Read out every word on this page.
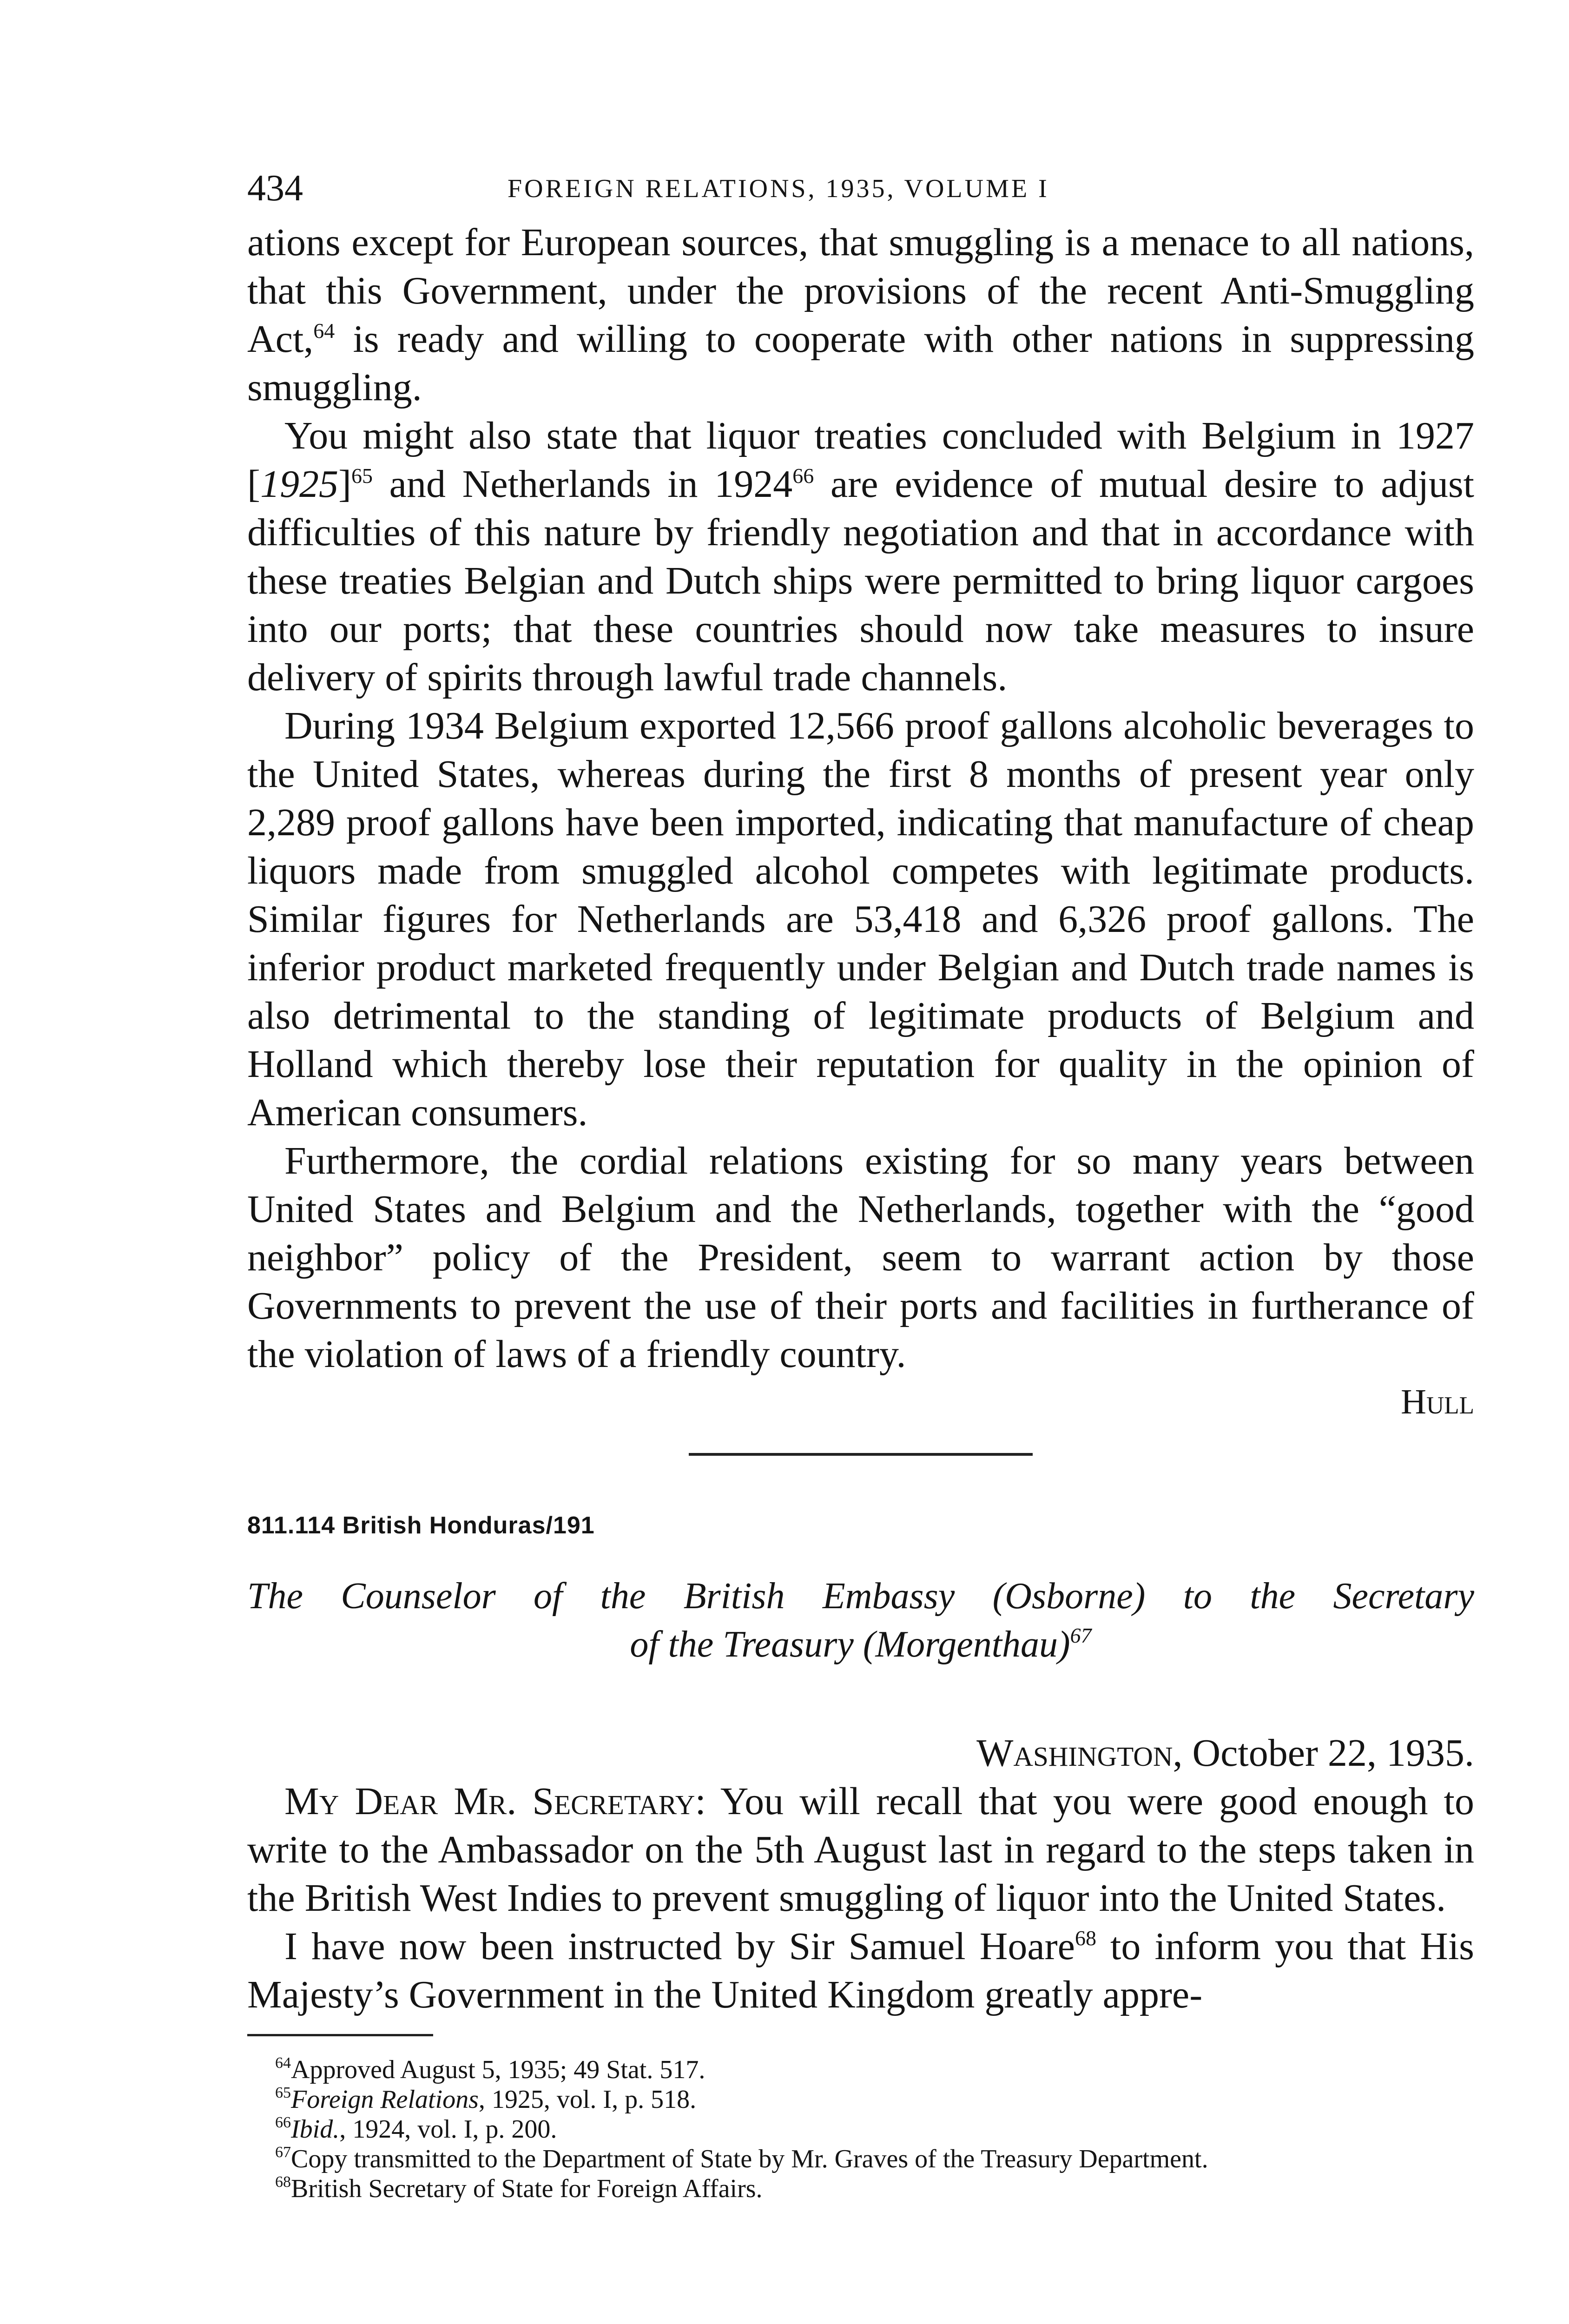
434	FOREIGN RELATIONS, 1935, VOLUME I

ations except for European sources, that smuggling is a menace to all nations, that this Government, under the provisions of the recent Anti-Smuggling Act,$^{64}$ is ready and willing to cooperate with other nations in suppressing smuggling.

You might also state that liquor treaties concluded with Belgium in 1927 $[1925]^{65}$ and Netherlands in 1924$^{66}$ are evidence of mutual desire to adjust difficulties of this nature by friendly negotiation and that in accordance with these treaties Belgian and Dutch ships were permitted to bring liquor cargoes into our ports; that these countries should now take measures to insure delivery of spirits through lawful trade channels.

During 1934 Belgium exported 12,566 proof gallons alcoholic beverages to the United States, whereas during the first 8 months of present year only 2,289 proof gallons have been imported, indicating that manufacture of cheap liquors made from smuggled alcohol competes with legitimate products. Similar figures for Netherlands are 53,418 and 6,326 proof gallons. The inferior product marketed frequently under Belgian and Dutch trade names is also detrimental to the standing of legitimate products of Belgium and Holland which thereby lose their reputation for quality in the opinion of American consumers.

Furthermore, the cordial relations existing for so many years between United States and Belgium and the Netherlands, together with the “good neighbor” policy of the President, seem to warrant action by those Governments to prevent the use of their ports and facilities in furtherance of the violation of laws of a friendly country.

Hull
811.114 British Honduras/191
The Counselor of the British Embassy (Osborne) to the Secretary
of the Treasury (Morgenthau)$^{67}$
Washington, October 22, 1935.

My Dear Mr. Secretary: You will recall that you were good enough to write to the Ambassador on the 5th August last in regard to the steps taken in the British West Indies to prevent smuggling of liquor into the United States.

I have now been instructed by Sir Samuel Hoare$^{68}$ to inform you that His Majesty’s Government in the United Kingdom greatly appre-

$^{64}$Approved August 5, 1935; 49 Stat. 517.
$^{65}$Foreign Relations, 1925, vol. I, p. 518.
$^{66}$Ibid., 1924, vol. I, p. 200.
$^{67}$Copy transmitted to the Department of State by Mr. Graves of the Treasury Department.
$^{68}$British Secretary of State for Foreign Affairs.
